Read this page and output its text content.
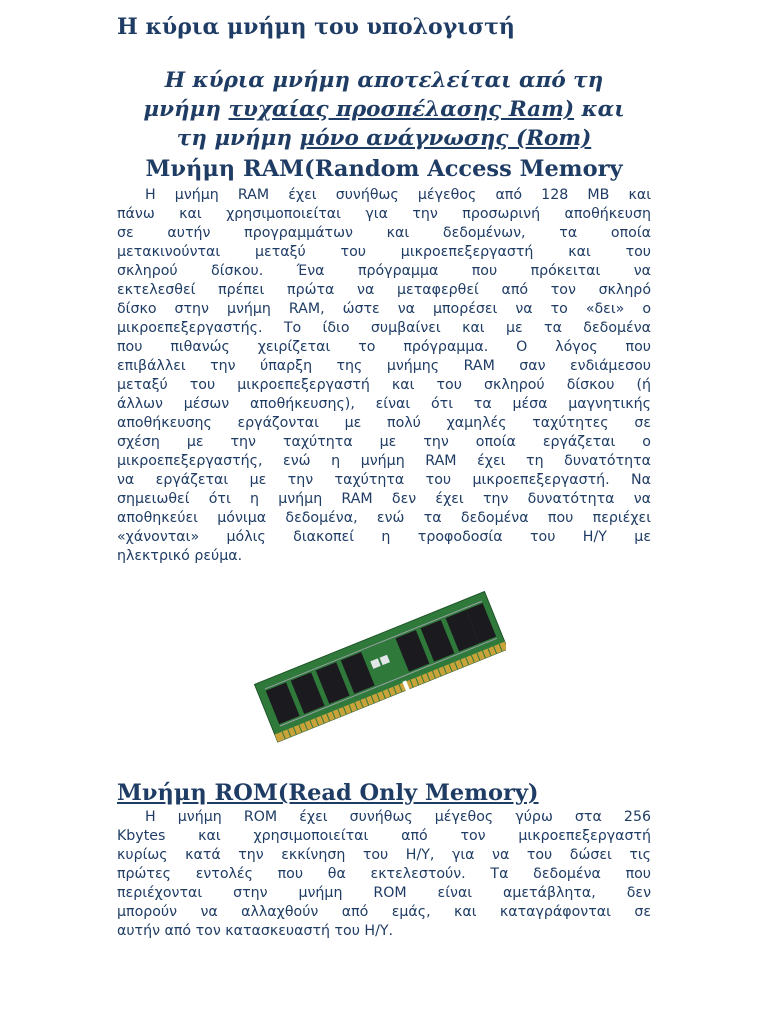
Η κύρια μνήμη του υπολογιστή
Η κύρια μνήμη αποτελείται από τη
μνήμη τυχαίας προσπέλασης Ram) και
τη μνήμη μόνο ανάγνωσης (Rom)
Μνήμη RAM(Random Access Memory

Η μνήμη RAM έχει συνήθως μέγεθος από 128 MB και
πάνω και χρησιμοποιείται για την προσωρινή αποθήκευση
σε αυτήν προγραμμάτων και δεδομένων, τα οποία
μετακινούνται μεταξύ του μικροεπεξεργαστή και του
σκληρού δίσκου. Ένα πρόγραμμα που πρόκειται να
εκτελεσθεί πρέπει πρώτα να μεταφερθεί από τον σκληρό
δίσκο στην μνήμη RAM, ώστε να μπορέσει να το «δει» ο
μικροεπεξεργαστής. Το ίδιο συμβαίνει και με τα δεδομένα
που πιθανώς χειρίζεται το πρόγραμμα. Ο λόγος που
επιβάλλει την ύπαρξη της μνήμης RAM σαν ενδιάμεσου
μεταξύ του μικροεπεξεργαστή και του σκληρού δίσκου (ή
άλλων μέσων αποθήκευσης), είναι ότι τα μέσα μαγνητικής
αποθήκευσης εργάζονται με πολύ χαμηλές ταχύτητες σε
σχέση με την ταχύτητα με την οποία εργάζεται ο
μικροεπεξεργαστής, ενώ η μνήμη RAM έχει τη δυνατότητα
να εργάζεται με την ταχύτητα του μικροεπεξεργαστή. Να
σημειωθεί ότι η μνήμη RAM δεν έχει την δυνατότητα να
αποθηκεύει μόνιμα δεδομένα, ενώ τα δεδομένα που περιέχει
«χάνονται» μόλις διακοπεί η τροφοδοσία του Η/Υ με
ηλεκτρικό ρεύμα.

Μνήμη ROM(Read Only Memory)

Η μνήμη ROM έχει συνήθως μέγεθος γύρω στα 256
Kbytes και χρησιμοποιείται από τον μικροεπεξεργαστή
κυρίως κατά την εκκίνηση του Η/Υ, για να του δώσει τις
πρώτες εντολές που θα εκτελεστούν. Τα δεδομένα που
περιέχονται στην μνήμη ROM είναι αμετάβλητα, δεν
μπορούν να αλλαχθούν από εμάς, και καταγράφονται σε
αυτήν από τον κατασκευαστή του Η/Υ.
